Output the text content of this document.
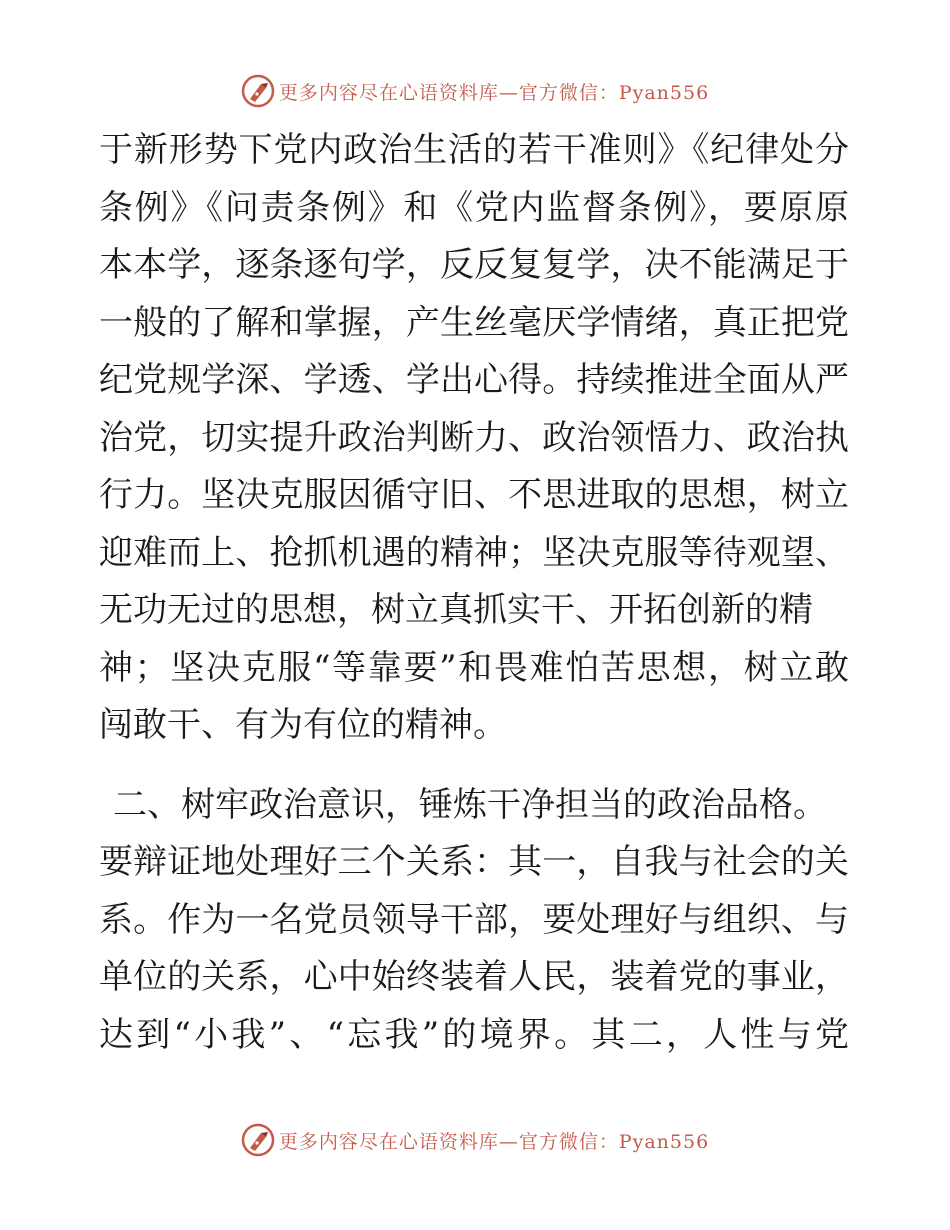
更多内容尽在心语资料库—官方微信：Pyan556
于新形势下党内政治生活的若干准则》《纪律处分
条例》《问责条例》和《党内监督条例》，要原原
本本学，逐条逐句学，反反复复学，决不能满足于
一般的了解和掌握，产生丝毫厌学情绪，真正把党
纪党规学深、学透、学出心得。持续推进全面从严
治党，切实提升政治判断力、政治领悟力、政治执
行力。坚决克服因循守旧、不思进取的思想，树立
迎难而上、抢抓机遇的精神；坚决克服等待观望、
无功无过的思想，树立真抓实干、开拓创新的精
神；坚决克服“等靠要”和畏难怕苦思想，树立敢
闯敢干、有为有位的精神。
二、树牢政治意识，锤炼干净担当的政治品格。
要辩证地处理好三个关系：其一，自我与社会的关
系。作为一名党员领导干部，要处理好与组织、与
单位的关系，心中始终装着人民，装着党的事业，
达到“小我”、“忘我”的境界。其二，人性与党
更多内容尽在心语资料库—官方微信：Pyan556
